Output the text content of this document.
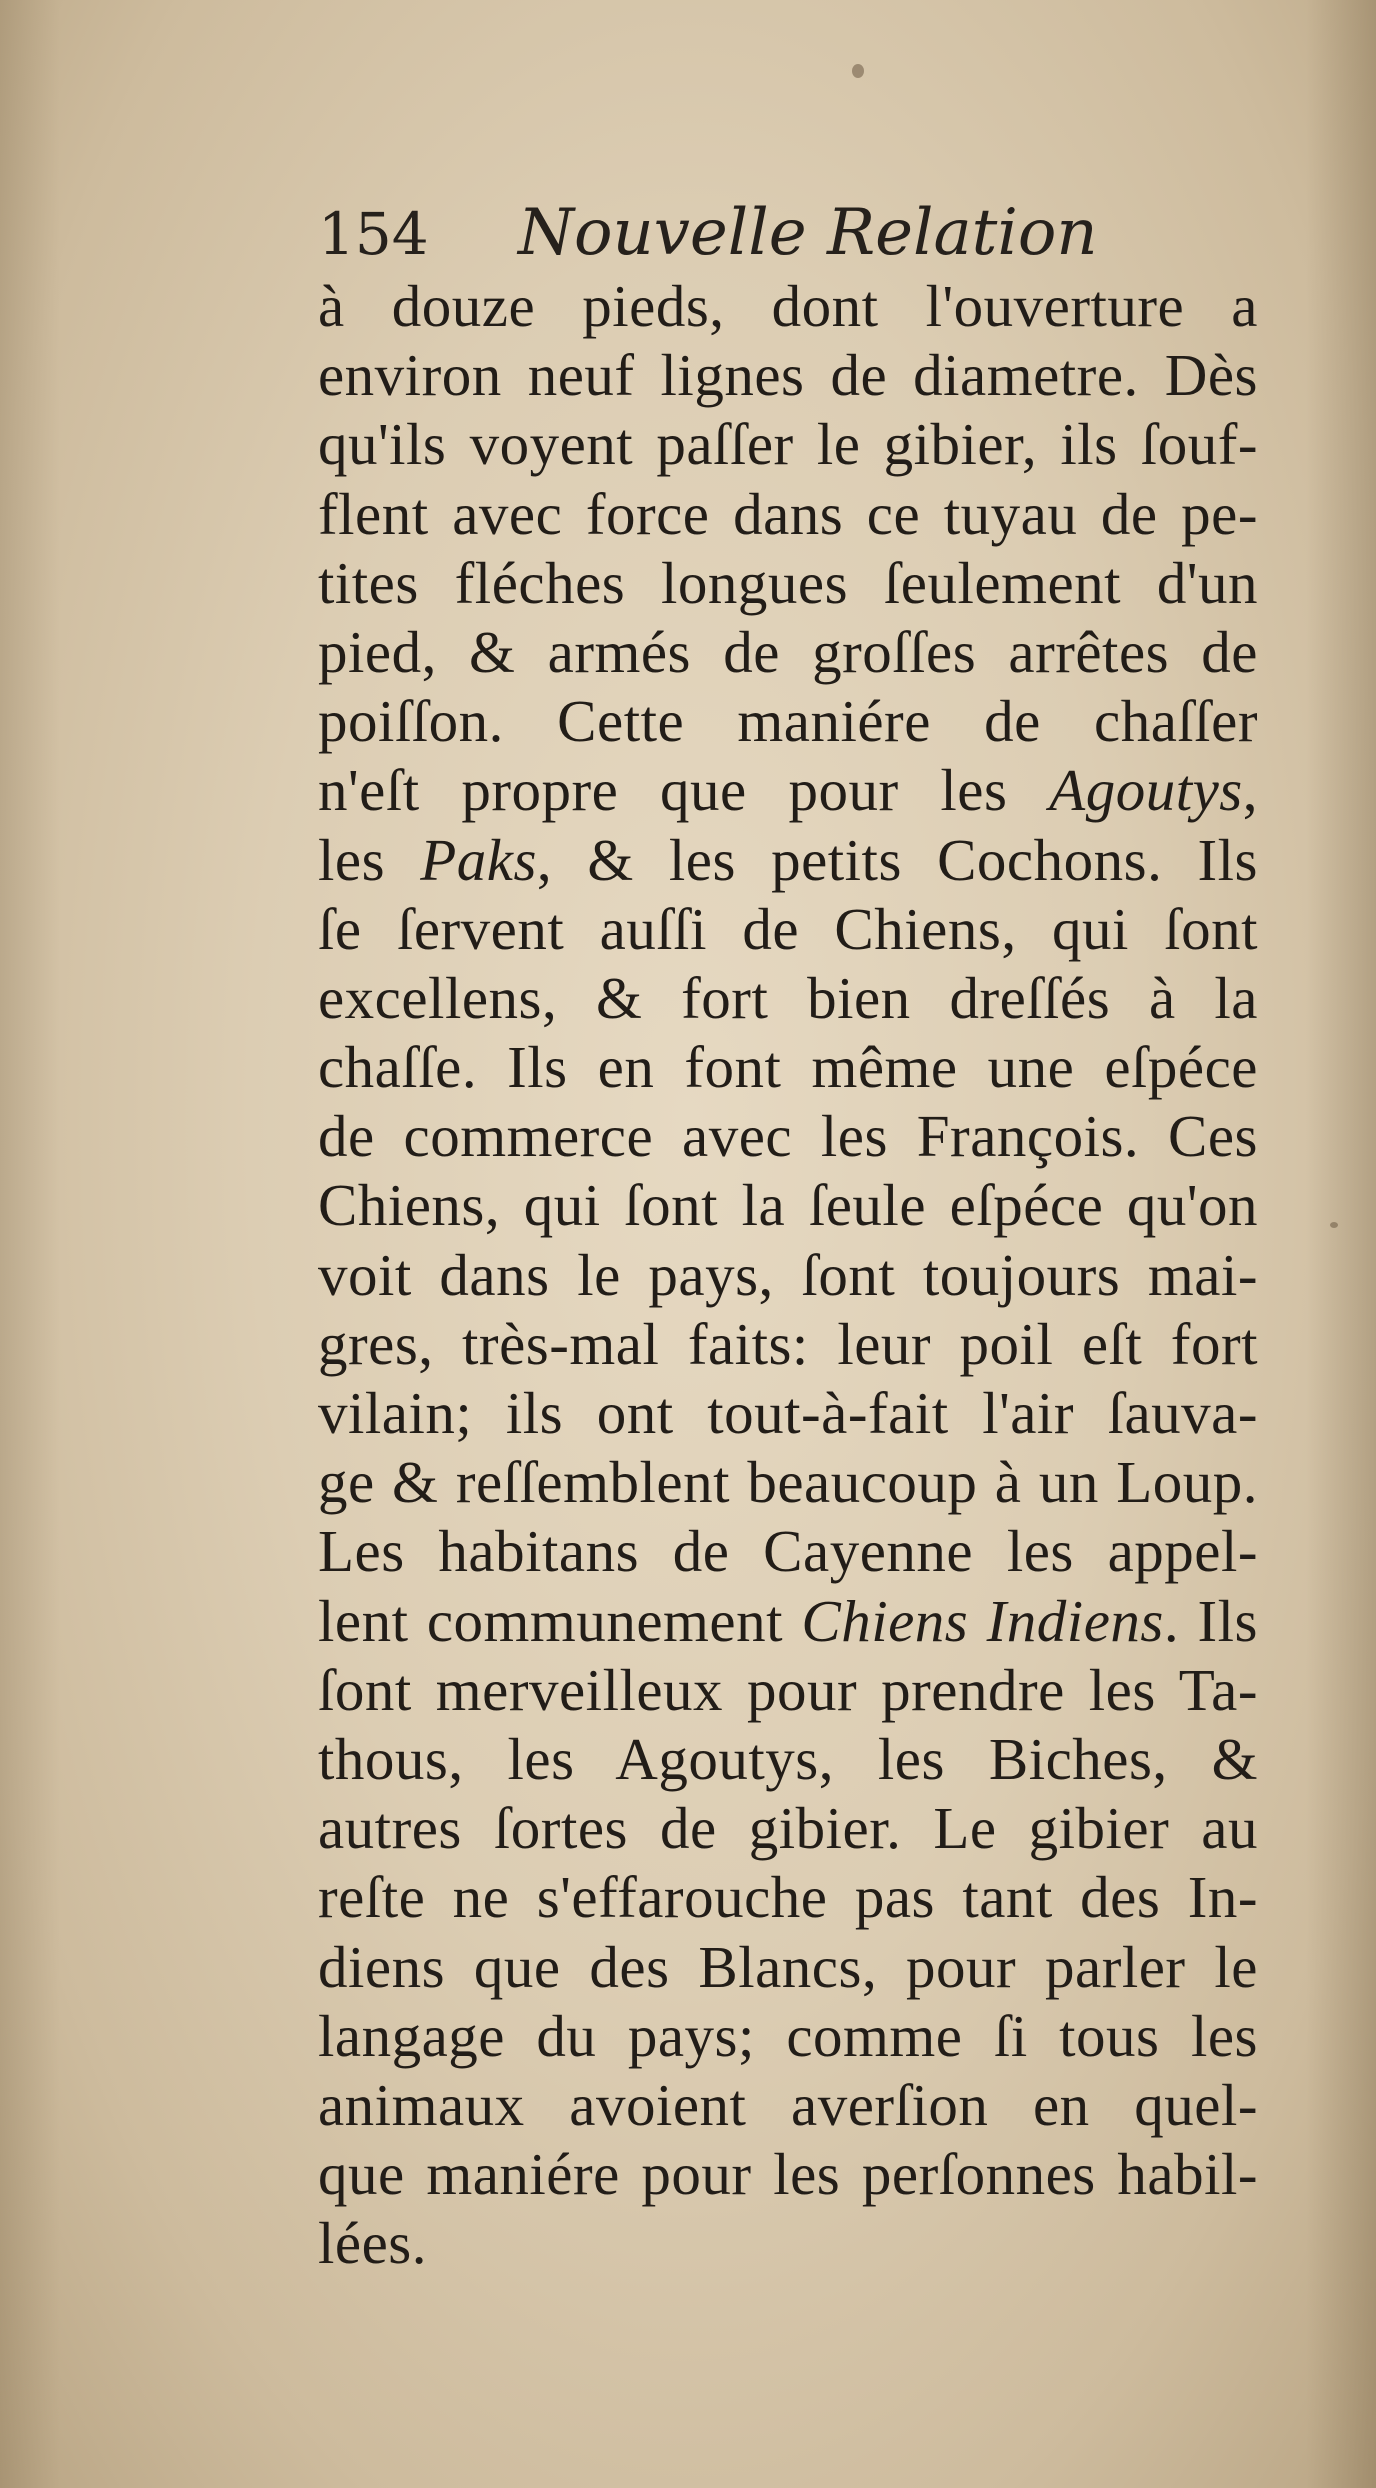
154 Nouvelle Relation
à douze pieds, dont l'ouverture a
environ neuf lignes de diametre. Dès
qu'ils voyent paſſer le gibier, ils ſouf-
flent avec force dans ce tuyau de pe-
tites fléches longues ſeulement d'un
pied, & armés de groſſes arrêtes de
poiſſon. Cette maniére de chaſſer
n'eſt propre que pour les Agoutys,
les Paks, & les petits Cochons. Ils
ſe ſervent auſſi de Chiens, qui ſont
excellens, & fort bien dreſſés à la
chaſſe. Ils en font même une eſpéce
de commerce avec les François. Ces
Chiens, qui ſont la ſeule eſpéce qu'on
voit dans le pays, ſont toujours mai-
gres, très-mal faits: leur poil eſt fort
vilain; ils ont tout-à-fait l'air ſauva-
ge & reſſemblent beaucoup à un Loup.
Les habitans de Cayenne les appel-
lent communement Chiens Indiens. Ils
ſont merveilleux pour prendre les Ta-
thous, les Agoutys, les Biches, &
autres ſortes de gibier. Le gibier au
reſte ne s'effarouche pas tant des In-
diens que des Blancs, pour parler le
langage du pays; comme ſi tous les
animaux avoient averſion en quel-
que maniére pour les perſonnes habil-
lées.
